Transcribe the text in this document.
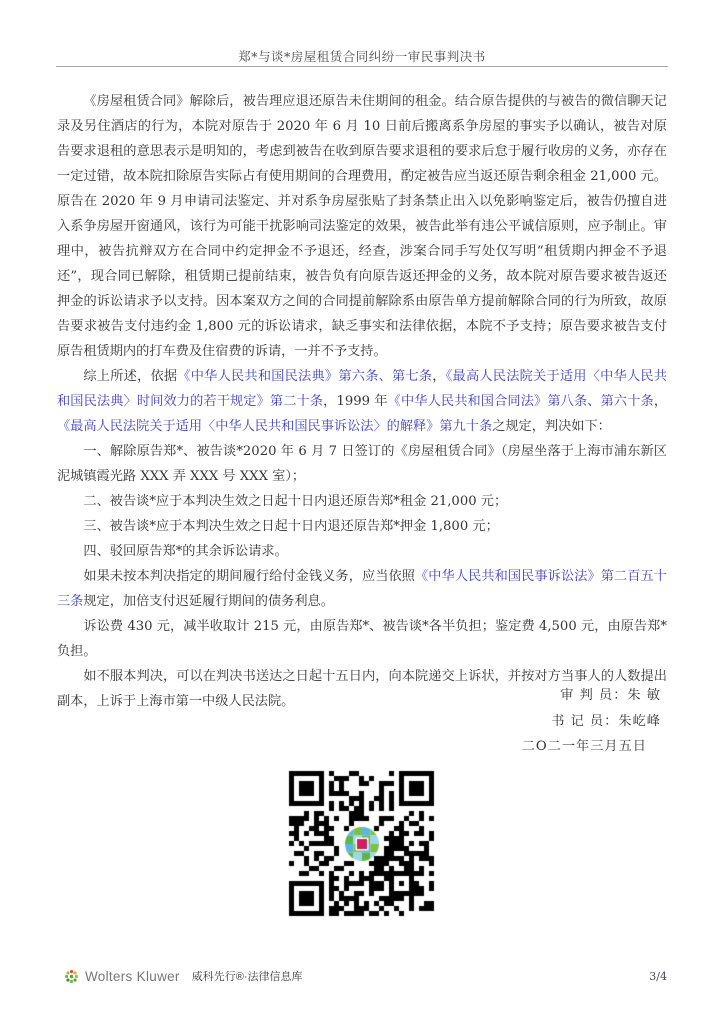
郑*与谈*房屋租赁合同纠纷一审民事判决书

《房屋租赁合同》解除后，被告理应退还原告未住期间的租金。结合原告提供的与被告的微信聊天记录及另住酒店的行为，本院对原告于 2020 年 6 月 10 日前后搬离系争房屋的事实予以确认，被告对原告要求退租的意思表示是明知的，考虑到被告在收到原告要求退租的要求后怠于履行收房的义务，亦存在一定过错，故本院扣除原告实际占有使用期间的合理费用，酌定被告应当返还原告剩余租金 21,000 元。原告在 2020 年 9 月申请司法鉴定、并对系争房屋张贴了封条禁止出入以免影响鉴定后，被告仍擅自进入系争房屋开窗通风，该行为可能干扰影响司法鉴定的效果，被告此举有违公平诚信原则，应予制止。审理中，被告抗辩双方在合同中约定押金不予退还，经查，涉案合同手写处仅写明“租赁期内押金不予退还”，现合同已解除，租赁期已提前结束，被告负有向原告返还押金的义务，故本院对原告要求被告返还押金的诉讼请求予以支持。因本案双方之间的合同提前解除系由原告单方提前解除合同的行为所致，故原告要求被告支付违约金 1,800 元的诉讼请求，缺乏事实和法律依据，本院不予支持；原告要求被告支付原告租赁期内的打车费及住宿费的诉请，一并不予支持。

综上所述，依据《中华人民共和国民法典》第六条、第七条，《最高人民法院关于适用〈中华人民共和国民法典〉时间效力的若干规定》第二十条，1999 年《中华人民共和国合同法》第八条、第六十条，《最高人民法院关于适用〈中华人民共和国民事诉讼法〉的解释》第九十条之规定，判决如下：

一、解除原告郑*、被告谈*2020 年 6 月 7 日签订的《房屋租赁合同》（房屋坐落于上海市浦东新区泥城镇霞光路 XXX 弄 XXX 号 XXX 室）；

二、被告谈*应于本判决生效之日起十日内退还原告郑*租金 21,000 元；

三、被告谈*应于本判决生效之日起十日内退还原告郑*押金 1,800 元；

四、驳回原告郑*的其余诉讼请求。

如果未按本判决指定的期间履行给付金钱义务，应当依照《中华人民共和国民事诉讼法》第二百五十三条规定，加倍支付迟延履行期间的债务利息。

诉讼费 430 元，减半收取计 215 元，由原告郑*、被告谈*各半负担；鉴定费 4,500 元，由原告郑*负担。

如不服本判决，可以在判决书送达之日起十五日内，向本院递交上诉状，并按对方当事人的人数提出副本，上诉于上海市第一中级人民法院。	审 判 员：朱 敏
书 记 员：朱屹峰
二O二一年三月五日
Wolters Kluwer 威科先行®·法律信息库	3/4
